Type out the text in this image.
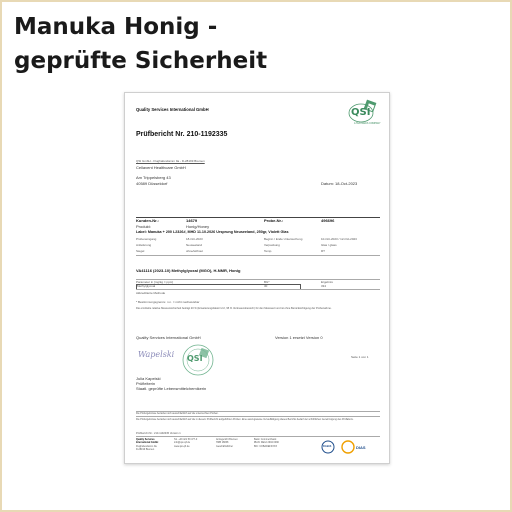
Manuka Honig -
geprüfte Sicherheit
Quality Services International GmbH	QSI
A TENTAMUS COMPANY
Prüfbericht Nr. 210-1192335
QSI GmbH - Flughafendamm 9a - D-28199 Bremen
Cellavent Healthcare GmbH
Am Trippelsberg 43
40589 Düsseldorf	Datum: 18-Oct-2023
Kunden-Nr.:	14679	Probe-Nr.:	496696
Produkt:	Honig/Honey
Label: Manuka + 200 L2326#, MHD 11.10.2026 Ursprung Neuseeland, 250gr, Violett Glas
Probeneingang	18-Oct-2023	Beginn / Ende Untersuchung	10-Oct-2023 / 12-Oct-2023
Anlieferung	Neuseeland	Verpackung	Glas / glass
Siegel	ohne/without	Temp.	RT
VA41116 (2023-10) Methylglyoxal (MGO), H-NMR, Honig
Parameter in [mg/kg = ppm]	BG*	Ergebnis
Methylglyoxal	30	334
Akkreditierte Methode
* Bestimmungsgrenze: n.n. = nicht nachweisbar
Die ermittelte relative Messunsicherheit beträgt 20 % (Erweiterungsfaktor k=2, 95 % Vertrauensbereich) für den Messwert und ist ohne Berücksichtigung der Probenahme.
Quality Services International GmbH	Version 1 ersetzt Version 0
Wapelski QSI
Julia Kapelski
Prüfleiterin
Staatl. geprüfte Lebensmittelchemikerin
Seite 1 von 1
Die Prüfergebnisse beziehen sich ausschließlich auf die untersuchten Proben.
Die Prüfergebnisse beziehen sich ausschließlich auf die in diesem Prüfbericht aufgeführten Proben. Eine auszugsweise Vervielfältigung dieses Berichts bedarf der schriftlichen Genehmigung des Prüflabors.
Prüfbericht Nr.: 210-1192335 Version 1
Quality Services
International GmbH
Flughafendamm 9a
D-28199 Bremen
Tel. +49 421 59 477-0
info@qsi-q3.de
www.qsi-q3.de
Amtsgericht Bremen
HRB 18838
Geschäftsführer
Bank: Commerzbank
IBAN: DE12 2904 0090
BIC: COBADEFFXXX	DAkkS	DIAS
